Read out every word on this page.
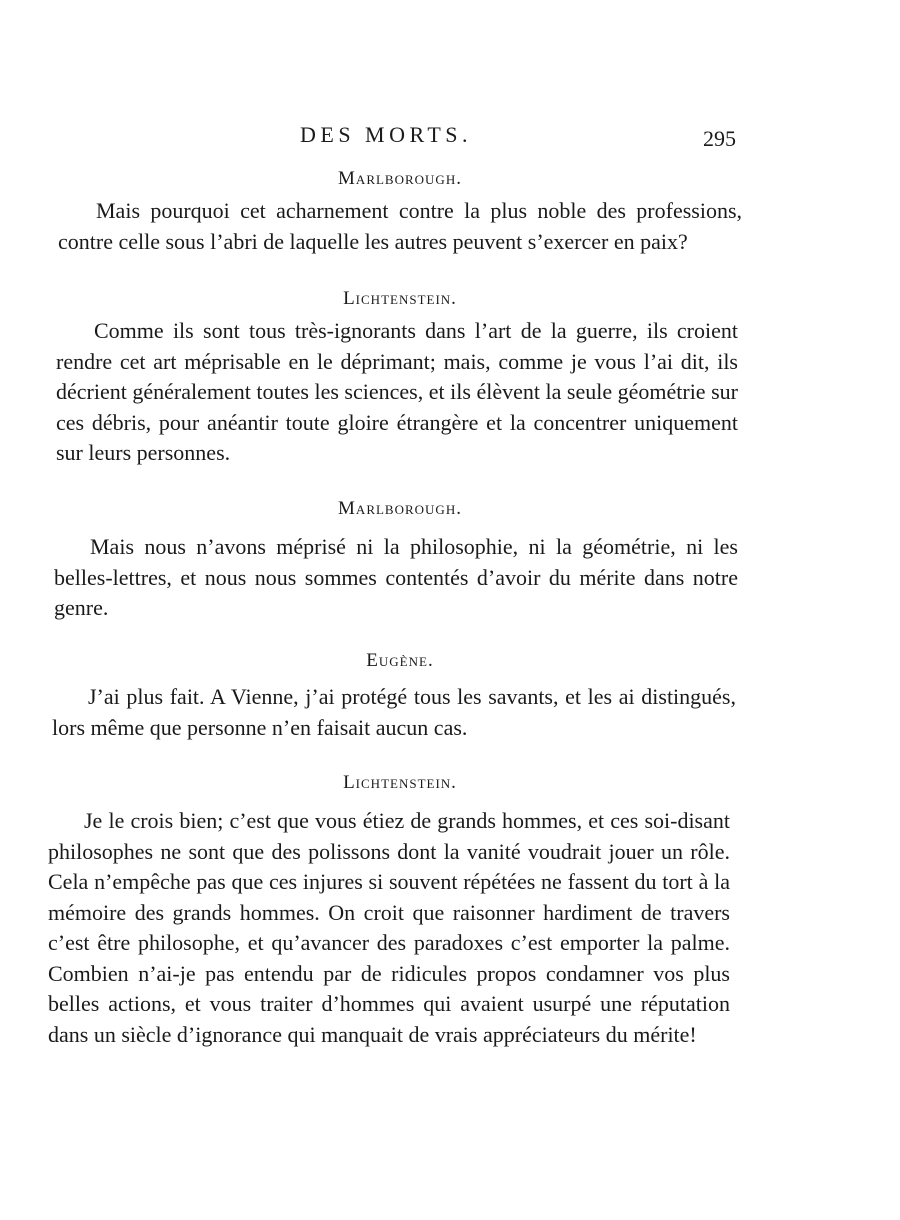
DES MORTS.	295
Marlborough.

Mais pourquoi cet acharnement contre la plus noble des professions, contre celle sous l’abri de laquelle les autres peuvent s’exercer en paix?

Lichtenstein.

Comme ils sont tous très-ignorants dans l’art de la guerre, ils croient rendre cet art méprisable en le déprimant; mais, comme je vous l’ai dit, ils décrient généralement toutes les sciences, et ils élèvent la seule géométrie sur ces débris, pour anéantir toute gloire étrangère et la concentrer uniquement sur leurs personnes.

Marlborough.

Mais nous n’avons méprisé ni la philosophie, ni la géométrie, ni les belles-lettres, et nous nous sommes contentés d’avoir du mérite dans notre genre.

Eugène.

J’ai plus fait. A Vienne, j’ai protégé tous les savants, et les ai distingués, lors même que personne n’en faisait aucun cas.

Lichtenstein.

Je le crois bien; c’est que vous étiez de grands hommes, et ces soi-disant philosophes ne sont que des polissons dont la vanité voudrait jouer un rôle. Cela n’empêche pas que ces injures si souvent répétées ne fassent du tort à la mémoire des grands hommes. On croit que raisonner hardiment de travers c’est être philosophe, et qu’avancer des paradoxes c’est emporter la palme. Combien n’ai-je pas entendu par de ridicules propos condamner vos plus belles actions, et vous traiter d’hommes qui avaient usurpé une réputation dans un siècle d’ignorance qui manquait de vrais appréciateurs du mérite!
